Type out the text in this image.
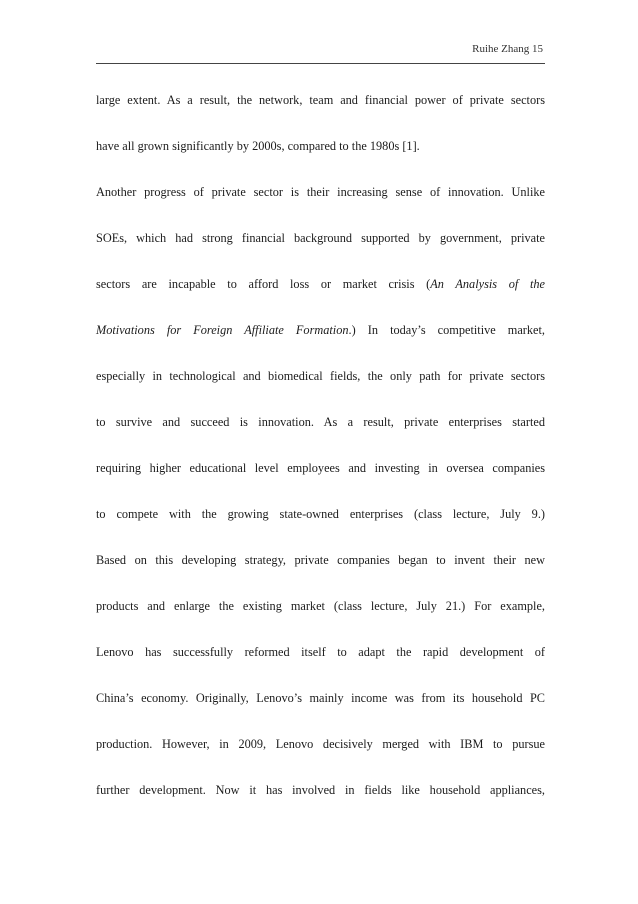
Ruihe Zhang 15
large extent. As a result, the network, team and financial power of private sectors
have all grown significantly by 2000s, compared to the 1980s [1].
Another progress of private sector is their increasing sense of innovation. Unlike
SOEs, which had strong financial background supported by government, private
sectors are incapable to afford loss or market crisis (An Analysis of the
Motivations for Foreign Affiliate Formation.) In today’s competitive market,
especially in technological and biomedical fields, the only path for private sectors
to survive and succeed is innovation. As a result, private enterprises started
requiring higher educational level employees and investing in oversea companies
to compete with the growing state-owned enterprises (class lecture, July 9.)
Based on this developing strategy, private companies began to invent their new
products and enlarge the existing market (class lecture, July 21.) For example,
Lenovo has successfully reformed itself to adapt the rapid development of
China’s economy. Originally, Lenovo’s mainly income was from its household PC
production. However, in 2009, Lenovo decisively merged with IBM to pursue
further development. Now it has involved in fields like household appliances,
